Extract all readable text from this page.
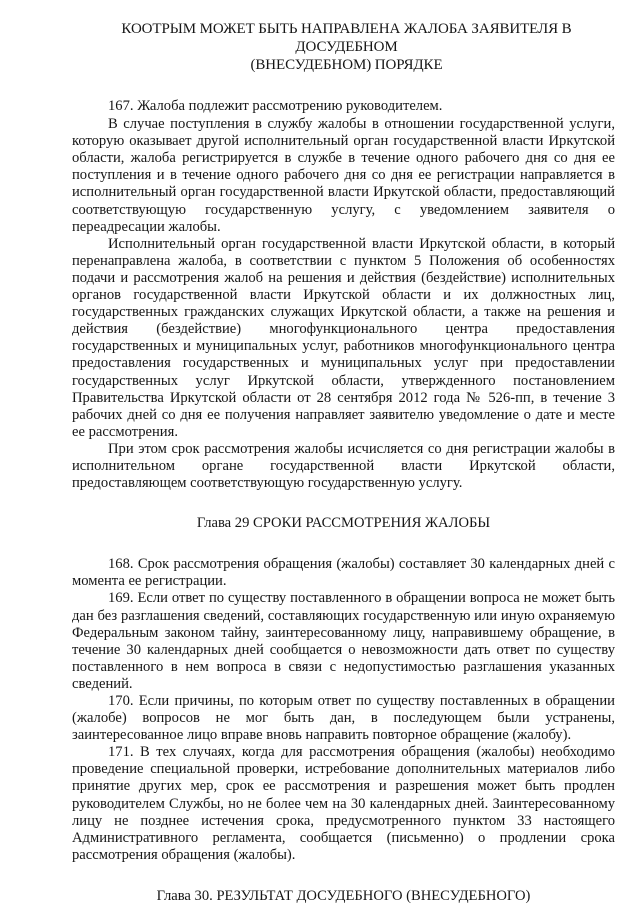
КООТРЫМ МОЖЕТ БЫТЬ НАПРАВЛЕНА ЖАЛОБА ЗАЯВИТЕЛЯ В ДОСУДЕБНОМ
(ВНЕСУДЕБНОМ) ПОРЯДКЕ

167. Жалоба подлежит рассмотрению руководителем.

В случае поступления в службу жалобы в отношении государственной услуги, которую оказывает другой исполнительный орган государственной власти Иркутской области, жалоба регистрируется в службе в течение одного рабочего дня со дня ее поступления и в течение одного рабочего дня со дня ее регистрации направляется в исполнительный орган государственной власти Иркутской области, предоставляющий соответствующую государственную услугу, с уведомлением заявителя о переадресации жалобы.

Исполнительный орган государственной власти Иркутской области, в который перенаправлена жалоба, в соответствии с пунктом 5 Положения об особенностях подачи и рассмотрения жалоб на решения и действия (бездействие) исполнительных органов государственной власти Иркутской области и их должностных лиц, государственных гражданских служащих Иркутской области, а также на решения и действия (бездействие) многофункционального центра предоставления государственных и муниципальных услуг, работников многофункционального центра предоставления государственных и муниципальных услуг при предоставлении государственных услуг Иркутской области, утвержденного постановлением Правительства Иркутской области от 28 сентября 2012 года № 526-пп, в течение 3 рабочих дней со дня ее получения направляет заявителю уведомление о дате и месте ее рассмотрения.

При этом срок рассмотрения жалобы исчисляется со дня регистрации жалобы в исполнительном органе государственной власти Иркутской области, предоставляющем соответствующую государственную услугу.

Глава 29 СРОКИ РАССМОТРЕНИЯ ЖАЛОБЫ

168. Срок рассмотрения обращения (жалобы) составляет 30 календарных дней с момента ее регистрации.

169. Если ответ по существу поставленного в обращении вопроса не может быть дан без разглашения сведений, составляющих государственную или иную охраняемую Федеральным законом тайну, заинтересованному лицу, направившему обращение, в течение 30 календарных дней сообщается о невозможности дать ответ по существу поставленного в нем вопроса в связи с недопустимостью разглашения указанных сведений.

170. Если причины, по которым ответ по существу поставленных в обращении (жалобе) вопросов не мог быть дан, в последующем были устранены, заинтересованное лицо вправе вновь направить повторное обращение (жалобу).

171. В тех случаях, когда для рассмотрения обращения (жалобы) необходимо проведение специальной проверки, истребование дополнительных материалов либо принятие других мер, срок ее рассмотрения и разрешения может быть продлен руководителем Службы, но не более чем на 30 календарных дней. Заинтересованному лицу не позднее истечения срока, предусмотренного пунктом 33 настоящего Административного регламента, сообщается (письменно) о продлении срока рассмотрения обращения (жалобы).

Глава 30. РЕЗУЛЬТАТ ДОСУДЕБНОГО (ВНЕСУДЕБНОГО)
